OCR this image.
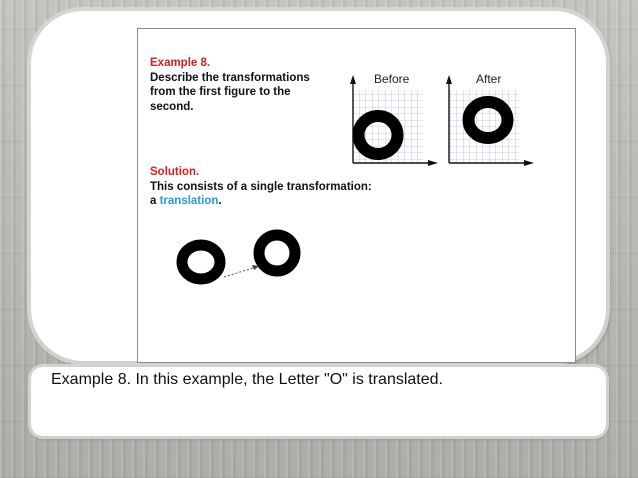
Example 8.
Describe the transformations
from the first figure to the
second.
Before	After
Solution.
This consists of a single transformation:
a translation.
Example 8. In this example, the Letter "O" is translated.
